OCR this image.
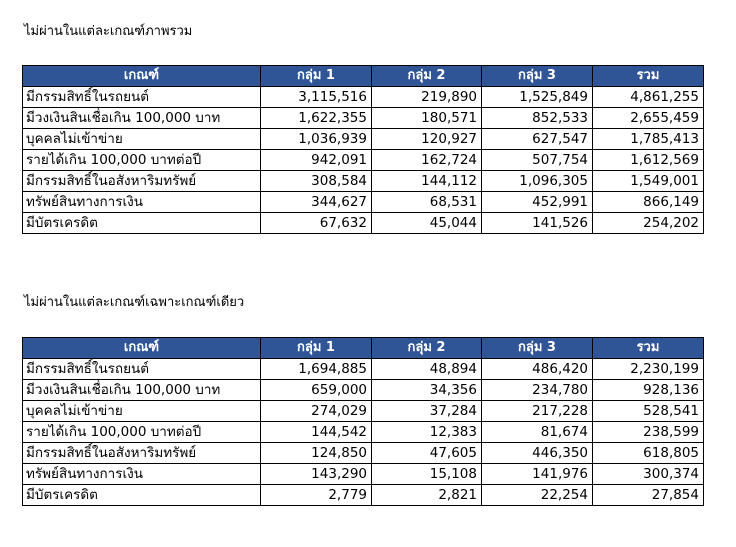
ไม่ผ่านในแต่ละเกณฑ์ภาพรวม
เกณฑ์	กลุ่ม 1	กลุ่ม 2	กลุ่ม 3	รวม
มีกรรมสิทธิ์ในรถยนต์	3,115,516	219,890	1,525,849	4,861,255
มีวงเงินสินเชื่อเกิน 100,000 บาท	1,622,355	180,571	852,533	2,655,459
บุคคลไม่เข้าข่าย	1,036,939	120,927	627,547	1,785,413
รายได้เกิน 100,000 บาทต่อปี	942,091	162,724	507,754	1,612,569
มีกรรมสิทธิ์ในอสังหาริมทรัพย์	308,584	144,112	1,096,305	1,549,001
ทรัพย์สินทางการเงิน	344,627	68,531	452,991	866,149
มีบัตรเครดิต	67,632	45,044	141,526	254,202
ไม่ผ่านในแต่ละเกณฑ์เฉพาะเกณฑ์เดียว
เกณฑ์	กลุ่ม 1	กลุ่ม 2	กลุ่ม 3	รวม
มีกรรมสิทธิ์ในรถยนต์	1,694,885	48,894	486,420	2,230,199
มีวงเงินสินเชื่อเกิน 100,000 บาท	659,000	34,356	234,780	928,136
บุคคลไม่เข้าข่าย	274,029	37,284	217,228	528,541
รายได้เกิน 100,000 บาทต่อปี	144,542	12,383	81,674	238,599
มีกรรมสิทธิ์ในอสังหาริมทรัพย์	124,850	47,605	446,350	618,805
ทรัพย์สินทางการเงิน	143,290	15,108	141,976	300,374
มีบัตรเครดิต	2,779	2,821	22,254	27,854
